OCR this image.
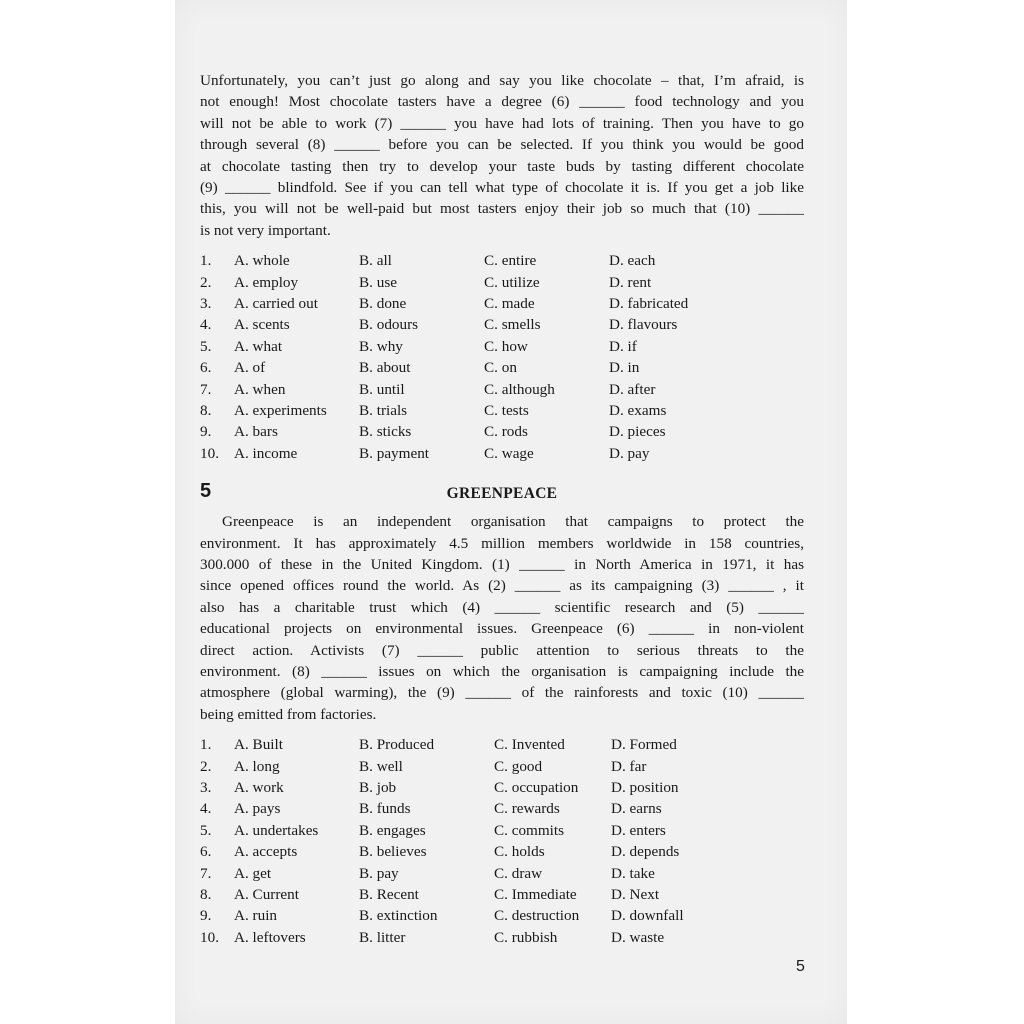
Unfortunately, you can’t just go along and say you like chocolate – that, I’m afraid, is
not enough! Most chocolate tasters have a degree (6) ______ food technology and you
will not be able to work (7) ______ you have had lots of training. Then you have to go
through several (8) ______ before you can be selected. If you think you would be good
at chocolate tasting then try to develop your taste buds by tasting different chocolate
(9) ______ blindfold. See if you can tell what type of chocolate it is. If you get a job like
this, you will not be well-paid but most tasters enjoy their job so much that (10) ______
is not very important.
1.	A. whole	B. all	C. entire	D. each
2.	A. employ	B. use	C. utilize	D. rent
3.	A. carried out	B. done	C. made	D. fabricated
4.	A. scents	B. odours	C. smells	D. flavours
5.	A. what	B. why	C. how	D. if
6.	A. of	B. about	C. on	D. in
7.	A. when	B. until	C. although	D. after
8.	A. experiments	B. trials	C. tests	D. exams
9.	A. bars	B. sticks	C. rods	D. pieces
10. A. income	B. payment	C. wage	D. pay
5	GREENPEACE
Greenpeace is an independent organisation that campaigns to protect the
environment. It has approximately 4.5 million members worldwide in 158 countries,
300.000 of these in the United Kingdom. (1) ______ in North America in 1971, it has
since opened offices round the world. As (2) ______ as its campaigning (3) ______ , it
also has a charitable trust which (4) ______ scientific research and (5) ______
educational projects on environmental issues. Greenpeace (6) ______ in non-violent
direct action. Activists (7) ______ public attention to serious threats to the
environment. (8) ______ issues on which the organisation is campaigning include the
atmosphere (global warming), the (9) ______ of the rainforests and toxic (10) ______
being emitted from factories.
1.	A. Built	B. Produced	C. Invented	D. Formed
2.	A. long	B. well	C. good	D. far
3.	A. work	B. job	C. occupation	D. position
4.	A. pays	B. funds	C. rewards	D. earns
5.	A. undertakes	B. engages	C. commits	D. enters
6.	A. accepts	B. believes	C. holds	D. depends
7.	A. get	B. pay	C. draw	D. take
8.	A. Current	B. Recent	C. Immediate	D. Next
9.	A. ruin	B. extinction	C. destruction	D. downfall
10. A. leftovers	B. litter	C. rubbish	D. waste
5
